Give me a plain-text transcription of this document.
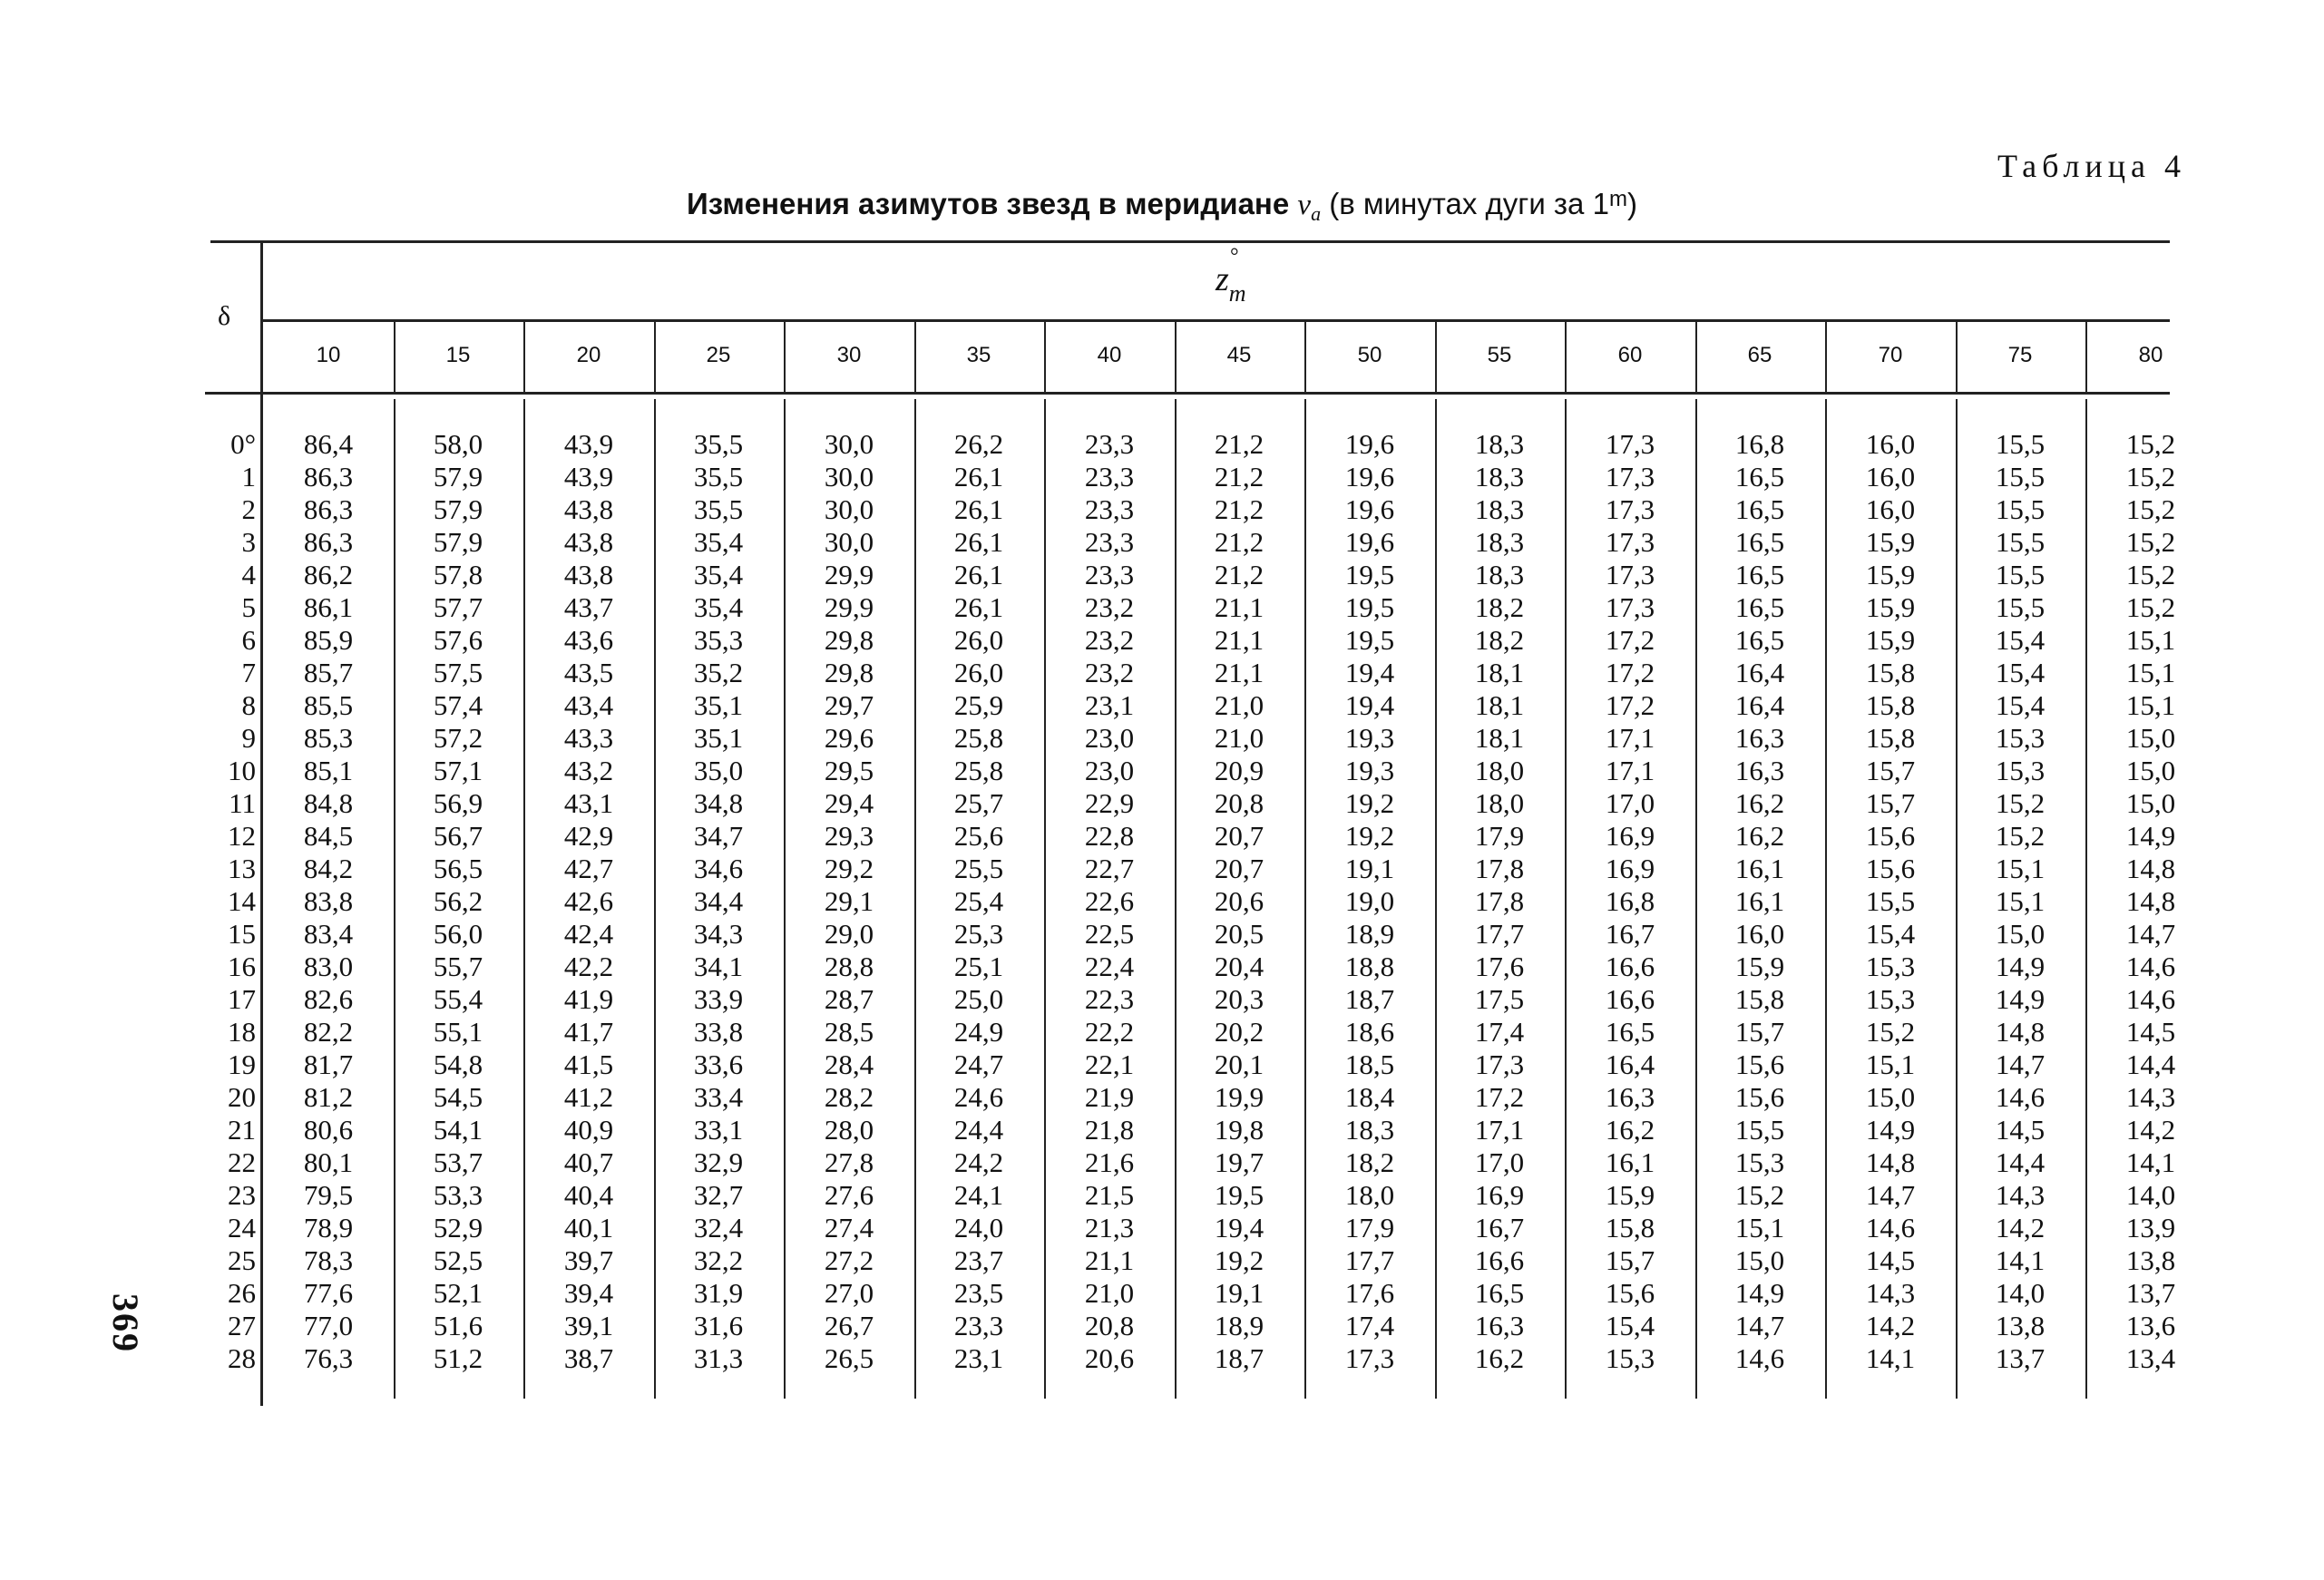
Таблица 4
Изменения азимутов звезд в меридиане $v_a$ (в минутах дуги за 1$^m$)
δ
z
°
$_m$
10	15	20	25	30	35	40	45	50	55	60	65	70	75	80
0° 86,4	58,0	43,9	35,5	30,0	26,2	23,3	21,2	19,6	18,3	17,3	16,8	16,0	15,5	15,2
1 86,3	57,9	43,9	35,5	30,0	26,1	23,3	21,2	19,6	18,3	17,3	16,5	16,0	15,5	15,2
2 86,3	57,9	43,8	35,5	30,0	26,1	23,3	21,2	19,6	18,3	17,3	16,5	16,0	15,5	15,2
3 86,3	57,9	43,8	35,4	30,0	26,1	23,3	21,2	19,6	18,3	17,3	16,5	15,9	15,5	15,2
4 86,2	57,8	43,8	35,4	29,9	26,1	23,3	21,2	19,5	18,3	17,3	16,5	15,9	15,5	15,2
5 86,1	57,7	43,7	35,4	29,9	26,1	23,2	21,1	19,5	18,2	17,3	16,5	15,9	15,5	15,2
6 85,9	57,6	43,6	35,3	29,8	26,0	23,2	21,1	19,5	18,2	17,2	16,5	15,9	15,4	15,1
7 85,7	57,5	43,5	35,2	29,8	26,0	23,2	21,1	19,4	18,1	17,2	16,4	15,8	15,4	15,1
8 85,5	57,4	43,4	35,1	29,7	25,9	23,1	21,0	19,4	18,1	17,2	16,4	15,8	15,4	15,1
9 85,3	57,2	43,3	35,1	29,6	25,8	23,0	21,0	19,3	18,1	17,1	16,3	15,8	15,3	15,0
10 85,1	57,1	43,2	35,0	29,5	25,8	23,0	20,9	19,3	18,0	17,1	16,3	15,7	15,3	15,0
11 84,8	56,9	43,1	34,8	29,4	25,7	22,9	20,8	19,2	18,0	17,0	16,2	15,7	15,2	15,0
12 84,5	56,7	42,9	34,7	29,3	25,6	22,8	20,7	19,2	17,9	16,9	16,2	15,6	15,2	14,9
13 84,2	56,5	42,7	34,6	29,2	25,5	22,7	20,7	19,1	17,8	16,9	16,1	15,6	15,1	14,8
14 83,8	56,2	42,6	34,4	29,1	25,4	22,6	20,6	19,0	17,8	16,8	16,1	15,5	15,1	14,8
15 83,4	56,0	42,4	34,3	29,0	25,3	22,5	20,5	18,9	17,7	16,7	16,0	15,4	15,0	14,7
16 83,0	55,7	42,2	34,1	28,8	25,1	22,4	20,4	18,8	17,6	16,6	15,9	15,3	14,9	14,6
17 82,6	55,4	41,9	33,9	28,7	25,0	22,3	20,3	18,7	17,5	16,6	15,8	15,3	14,9	14,6
18 82,2	55,1	41,7	33,8	28,5	24,9	22,2	20,2	18,6	17,4	16,5	15,7	15,2	14,8	14,5
19 81,7	54,8	41,5	33,6	28,4	24,7	22,1	20,1	18,5	17,3	16,4	15,6	15,1	14,7	14,4
20 81,2	54,5	41,2	33,4	28,2	24,6	21,9	19,9	18,4	17,2	16,3	15,6	15,0	14,6	14,3
21 80,6	54,1	40,9	33,1	28,0	24,4	21,8	19,8	18,3	17,1	16,2	15,5	14,9	14,5	14,2
22 80,1	53,7	40,7	32,9	27,8	24,2	21,6	19,7	18,2	17,0	16,1	15,3	14,8	14,4	14,1
23 79,5	53,3	40,4	32,7	27,6	24,1	21,5	19,5	18,0	16,9	15,9	15,2	14,7	14,3	14,0
24 78,9	52,9	40,1	32,4	27,4	24,0	21,3	19,4	17,9	16,7	15,8	15,1	14,6	14,2	13,9
25 78,3	52,5	39,7	32,2	27,2	23,7	21,1	19,2	17,7	16,6	15,7	15,0	14,5	14,1	13,8
26 77,6	52,1	39,4	31,9	27,0	23,5	21,0	19,1	17,6	16,5	15,6	14,9	14,3	14,0	13,7
27 77,0	51,6	39,1	31,6	26,7	23,3	20,8	18,9	17,4	16,3	15,4	14,7	14,2	13,8	13,6
28 76,3	51,2	38,7	31,3	26,5	23,1	20,6	18,7	17,3	16,2	15,3	14,6	14,1	13,7	13,4
369
